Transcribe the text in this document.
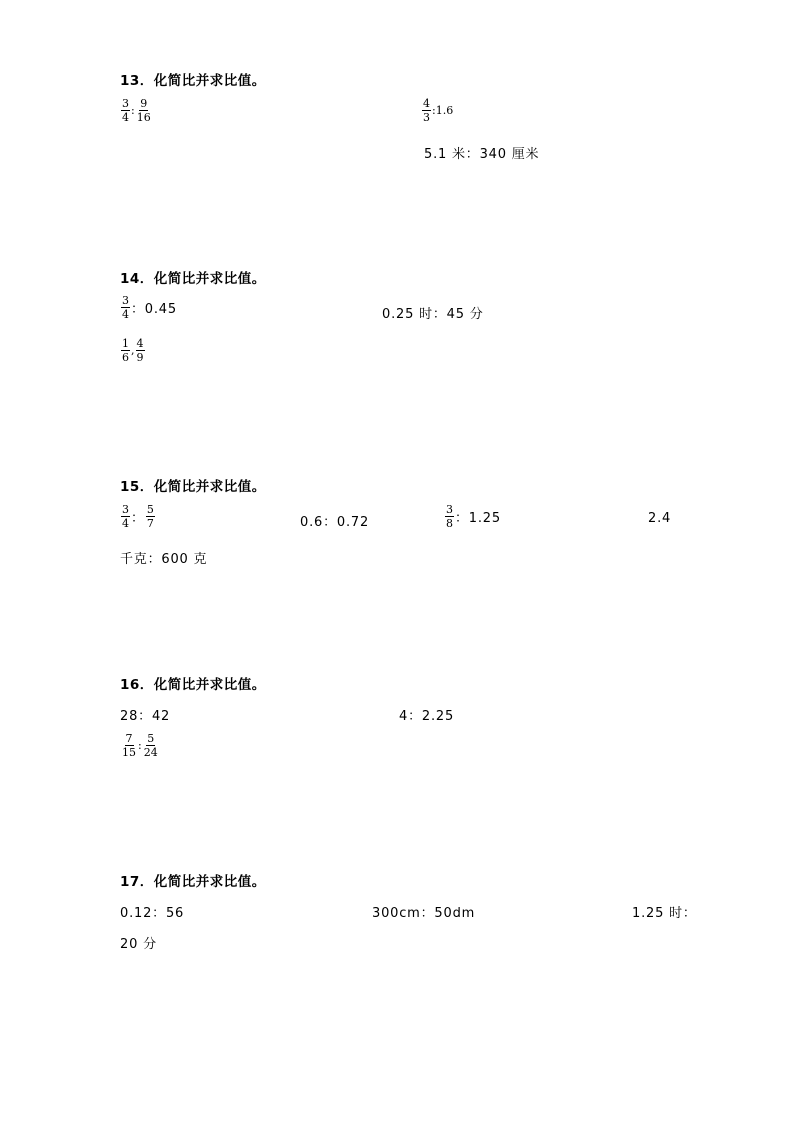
13．化简比并求比值。
$\frac{3}{4}$ : $\frac{9}{16}$	$\frac{4}{3}$ :1.6
5.1 米：340 厘米
14．化简比并求比值。
$\frac{3}{4}$ ：0.45	0.25 时：45 分
$\frac{1}{6}$ , $\frac{4}{9}$
15．化简比并求比值。
$\frac{3}{4}$ ： $\frac{5}{7}$	0.6：0.72	$\frac{3}{8}$ ：1.25	2.4
千克：600 克
16．化简比并求比值。
28：42	4：2.25
$\frac{7}{15}$ : $\frac{5}{24}$
17．化简比并求比值。
0.12：56	300cm：50dm	1.25 时：
20 分
